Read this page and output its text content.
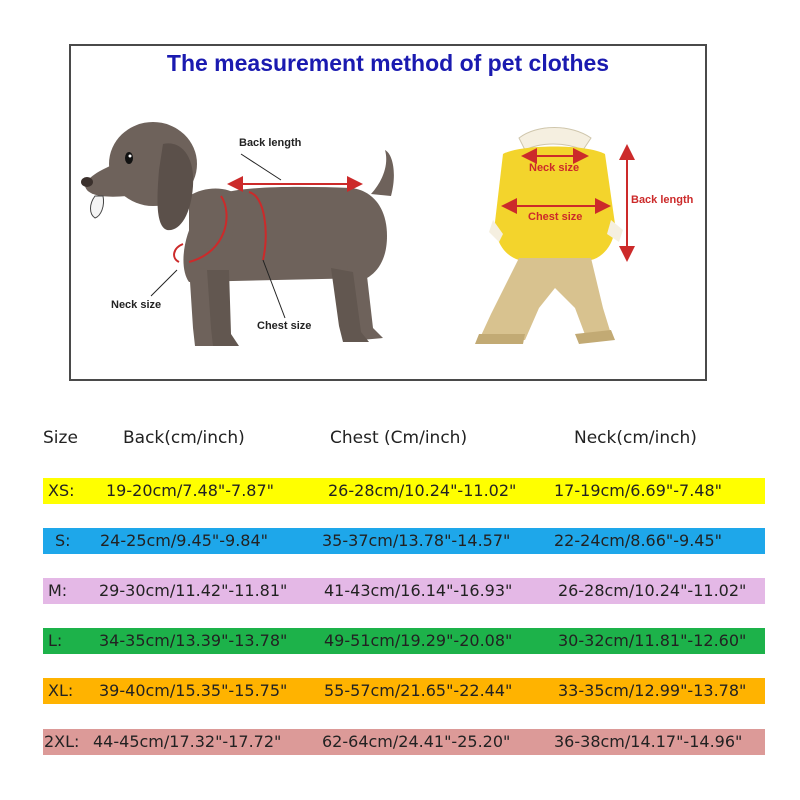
Back length
Neck size
Chest size
Neck size
Chest size
Back length
The measurement method of pet clothes
Size	Back(cm/inch)	Chest (Cm/inch)	Neck(cm/inch)
XS: 19-20cm/7.48"-7.87"	26-28cm/10.24"-11.02" 17-19cm/6.69"-7.48"
S: 24-25cm/9.45"-9.84"	35-37cm/13.78"-14.57"	22-24cm/8.66"-9.45"
M: 29-30cm/11.42"-11.81" 41-43cm/16.14"-16.93"	26-28cm/10.24"-11.02"
L: 34-35cm/13.39"-13.78" 49-51cm/19.29"-20.08"	30-32cm/11.81"-12.60"
XL: 39-40cm/15.35"-15.75" 55-57cm/21.65"-22.44"	33-35cm/12.99"-13.78"
2XL: 44-45cm/17.32"-17.72"	62-64cm/24.41"-25.20"	36-38cm/14.17"-14.96"
